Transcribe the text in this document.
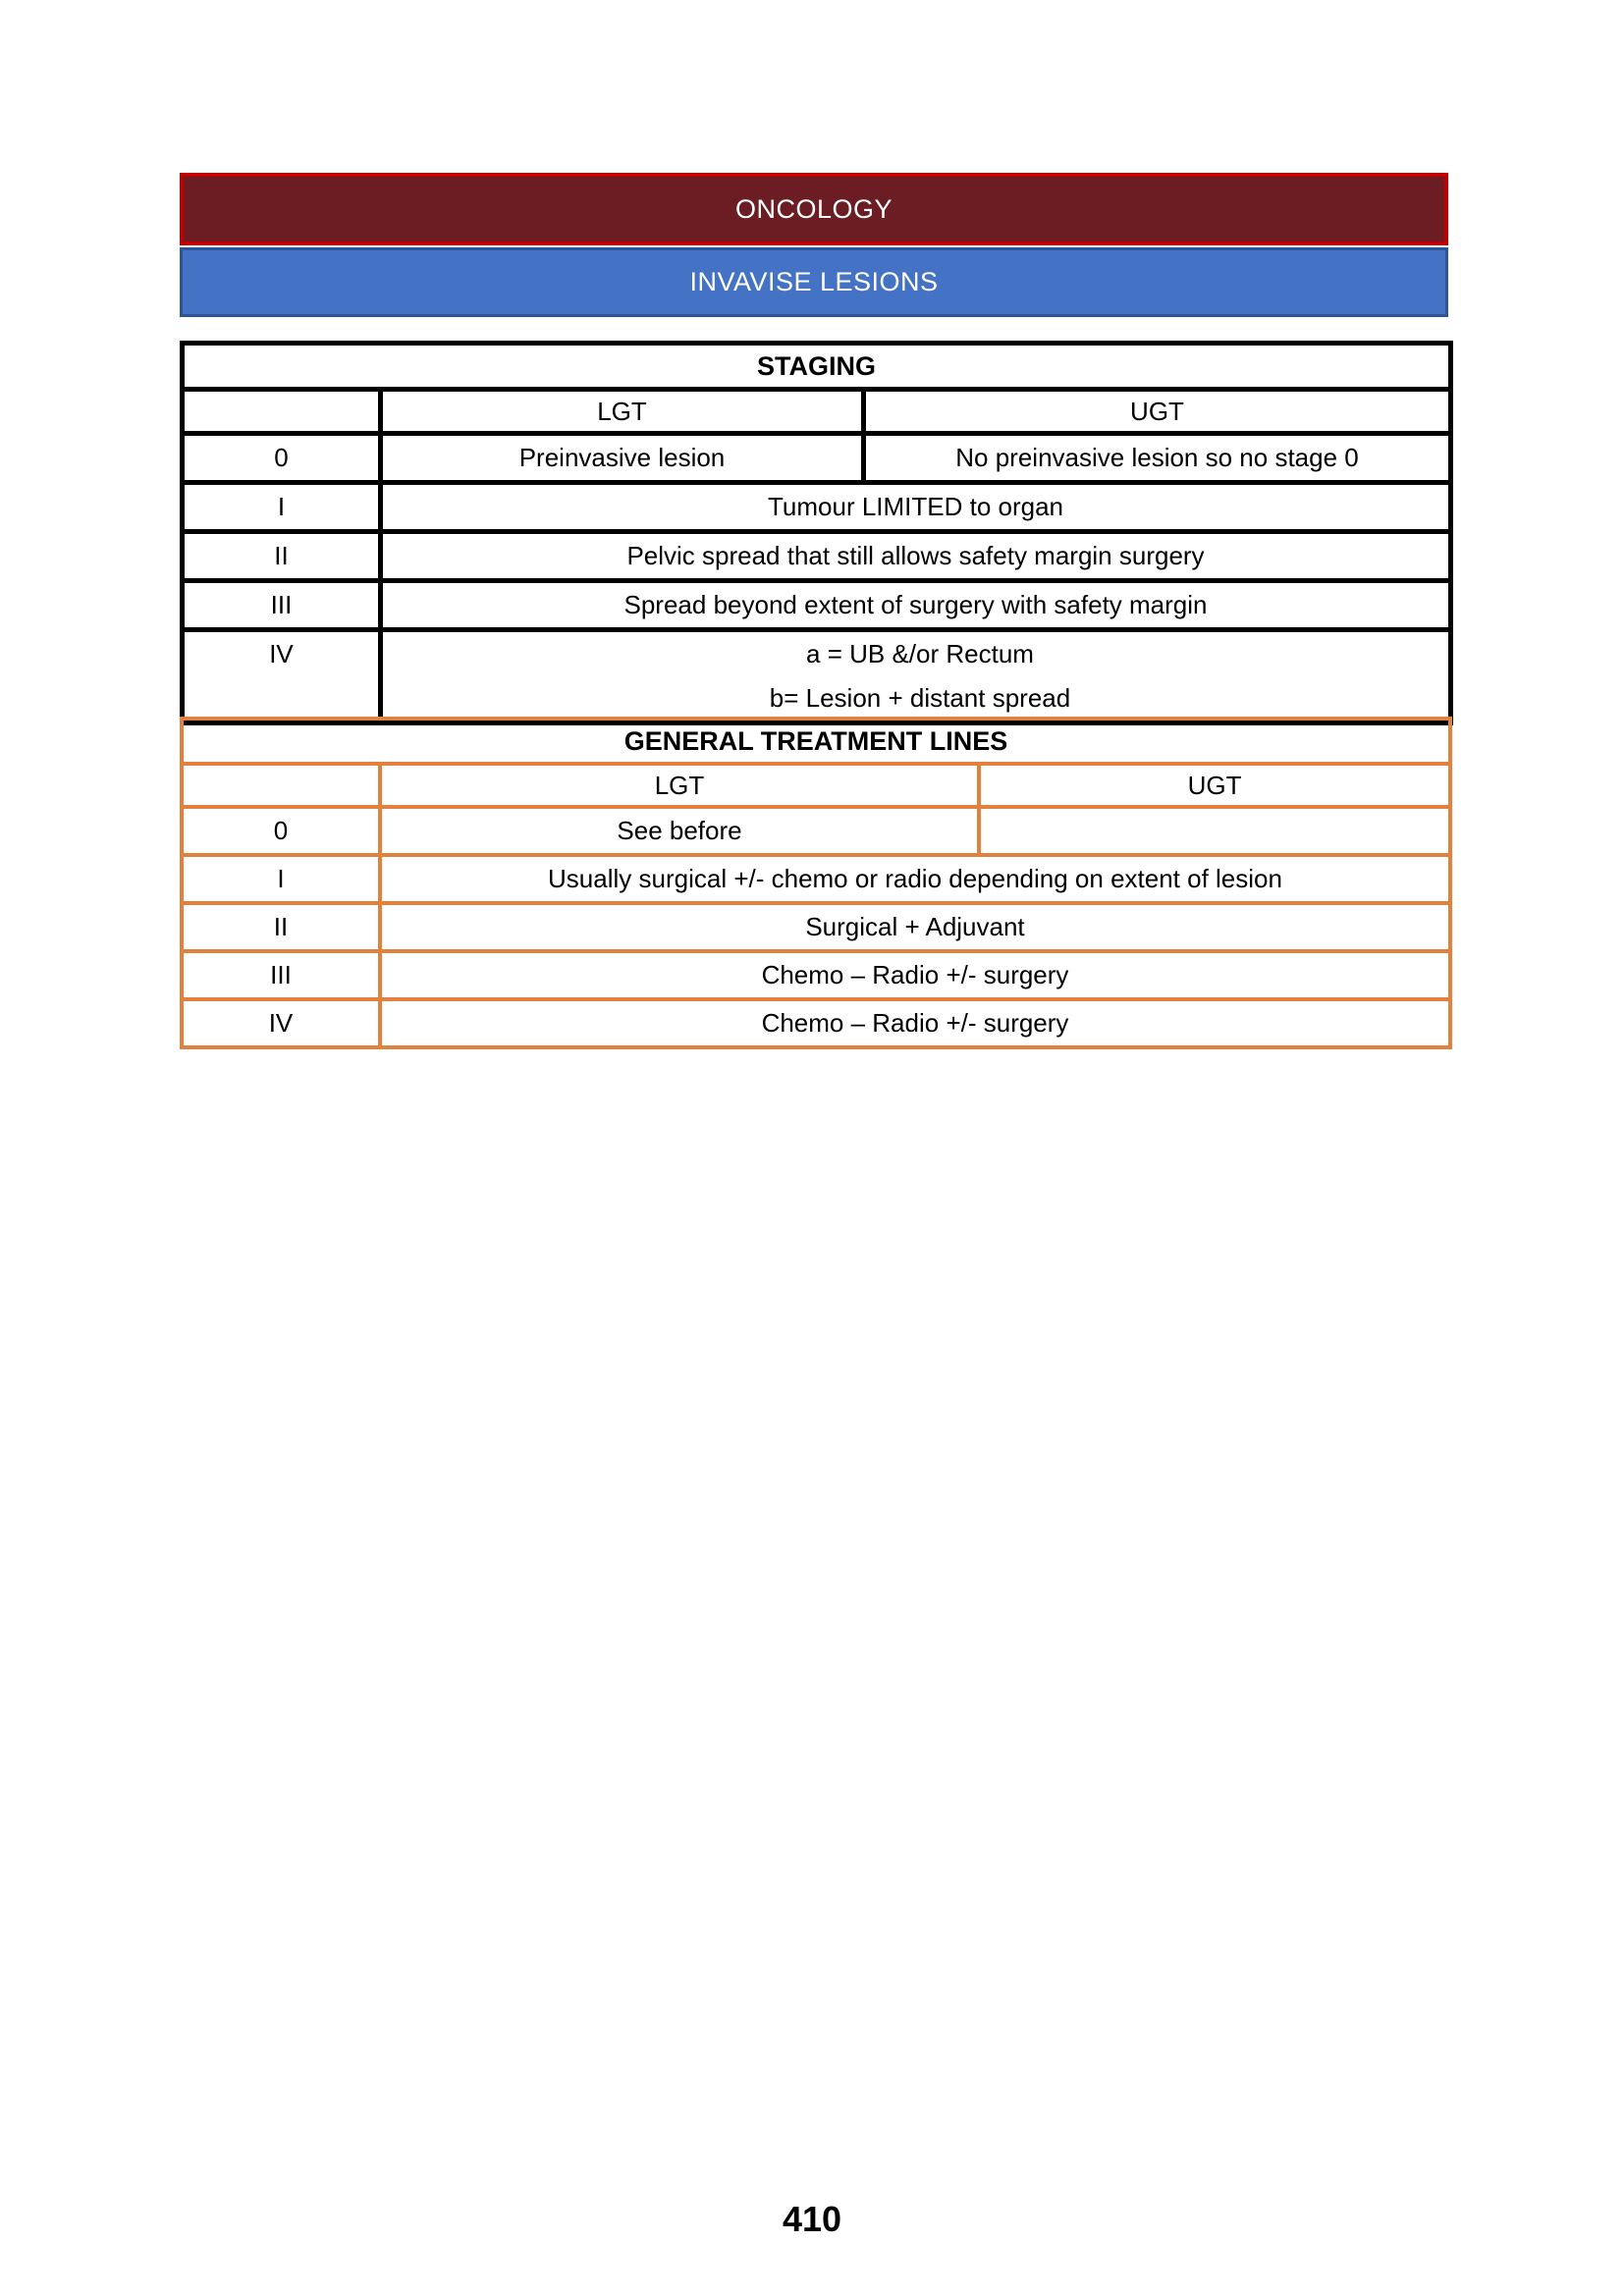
ONCOLOGY
INVAVISE LESIONS
STAGING		
	LGT	UGT
0	Preinvasive lesion	No preinvasive lesion so no stage 0
I	Tumour LIMITED to organ	
II	Pelvic spread that still allows safety margin surgery	
III	Spread beyond extent of surgery with safety margin	
IV	a = UB &/or Rectum
b= Lesion + distant spread	
GENERAL TREATMENT LINES		
	LGT	UGT
0	See before	
I	Usually surgical +/- chemo or radio depending on extent of lesion	
II	Surgical + Adjuvant	
III	Chemo – Radio +/- surgery	
IV	Chemo – Radio +/- surgery	
410
